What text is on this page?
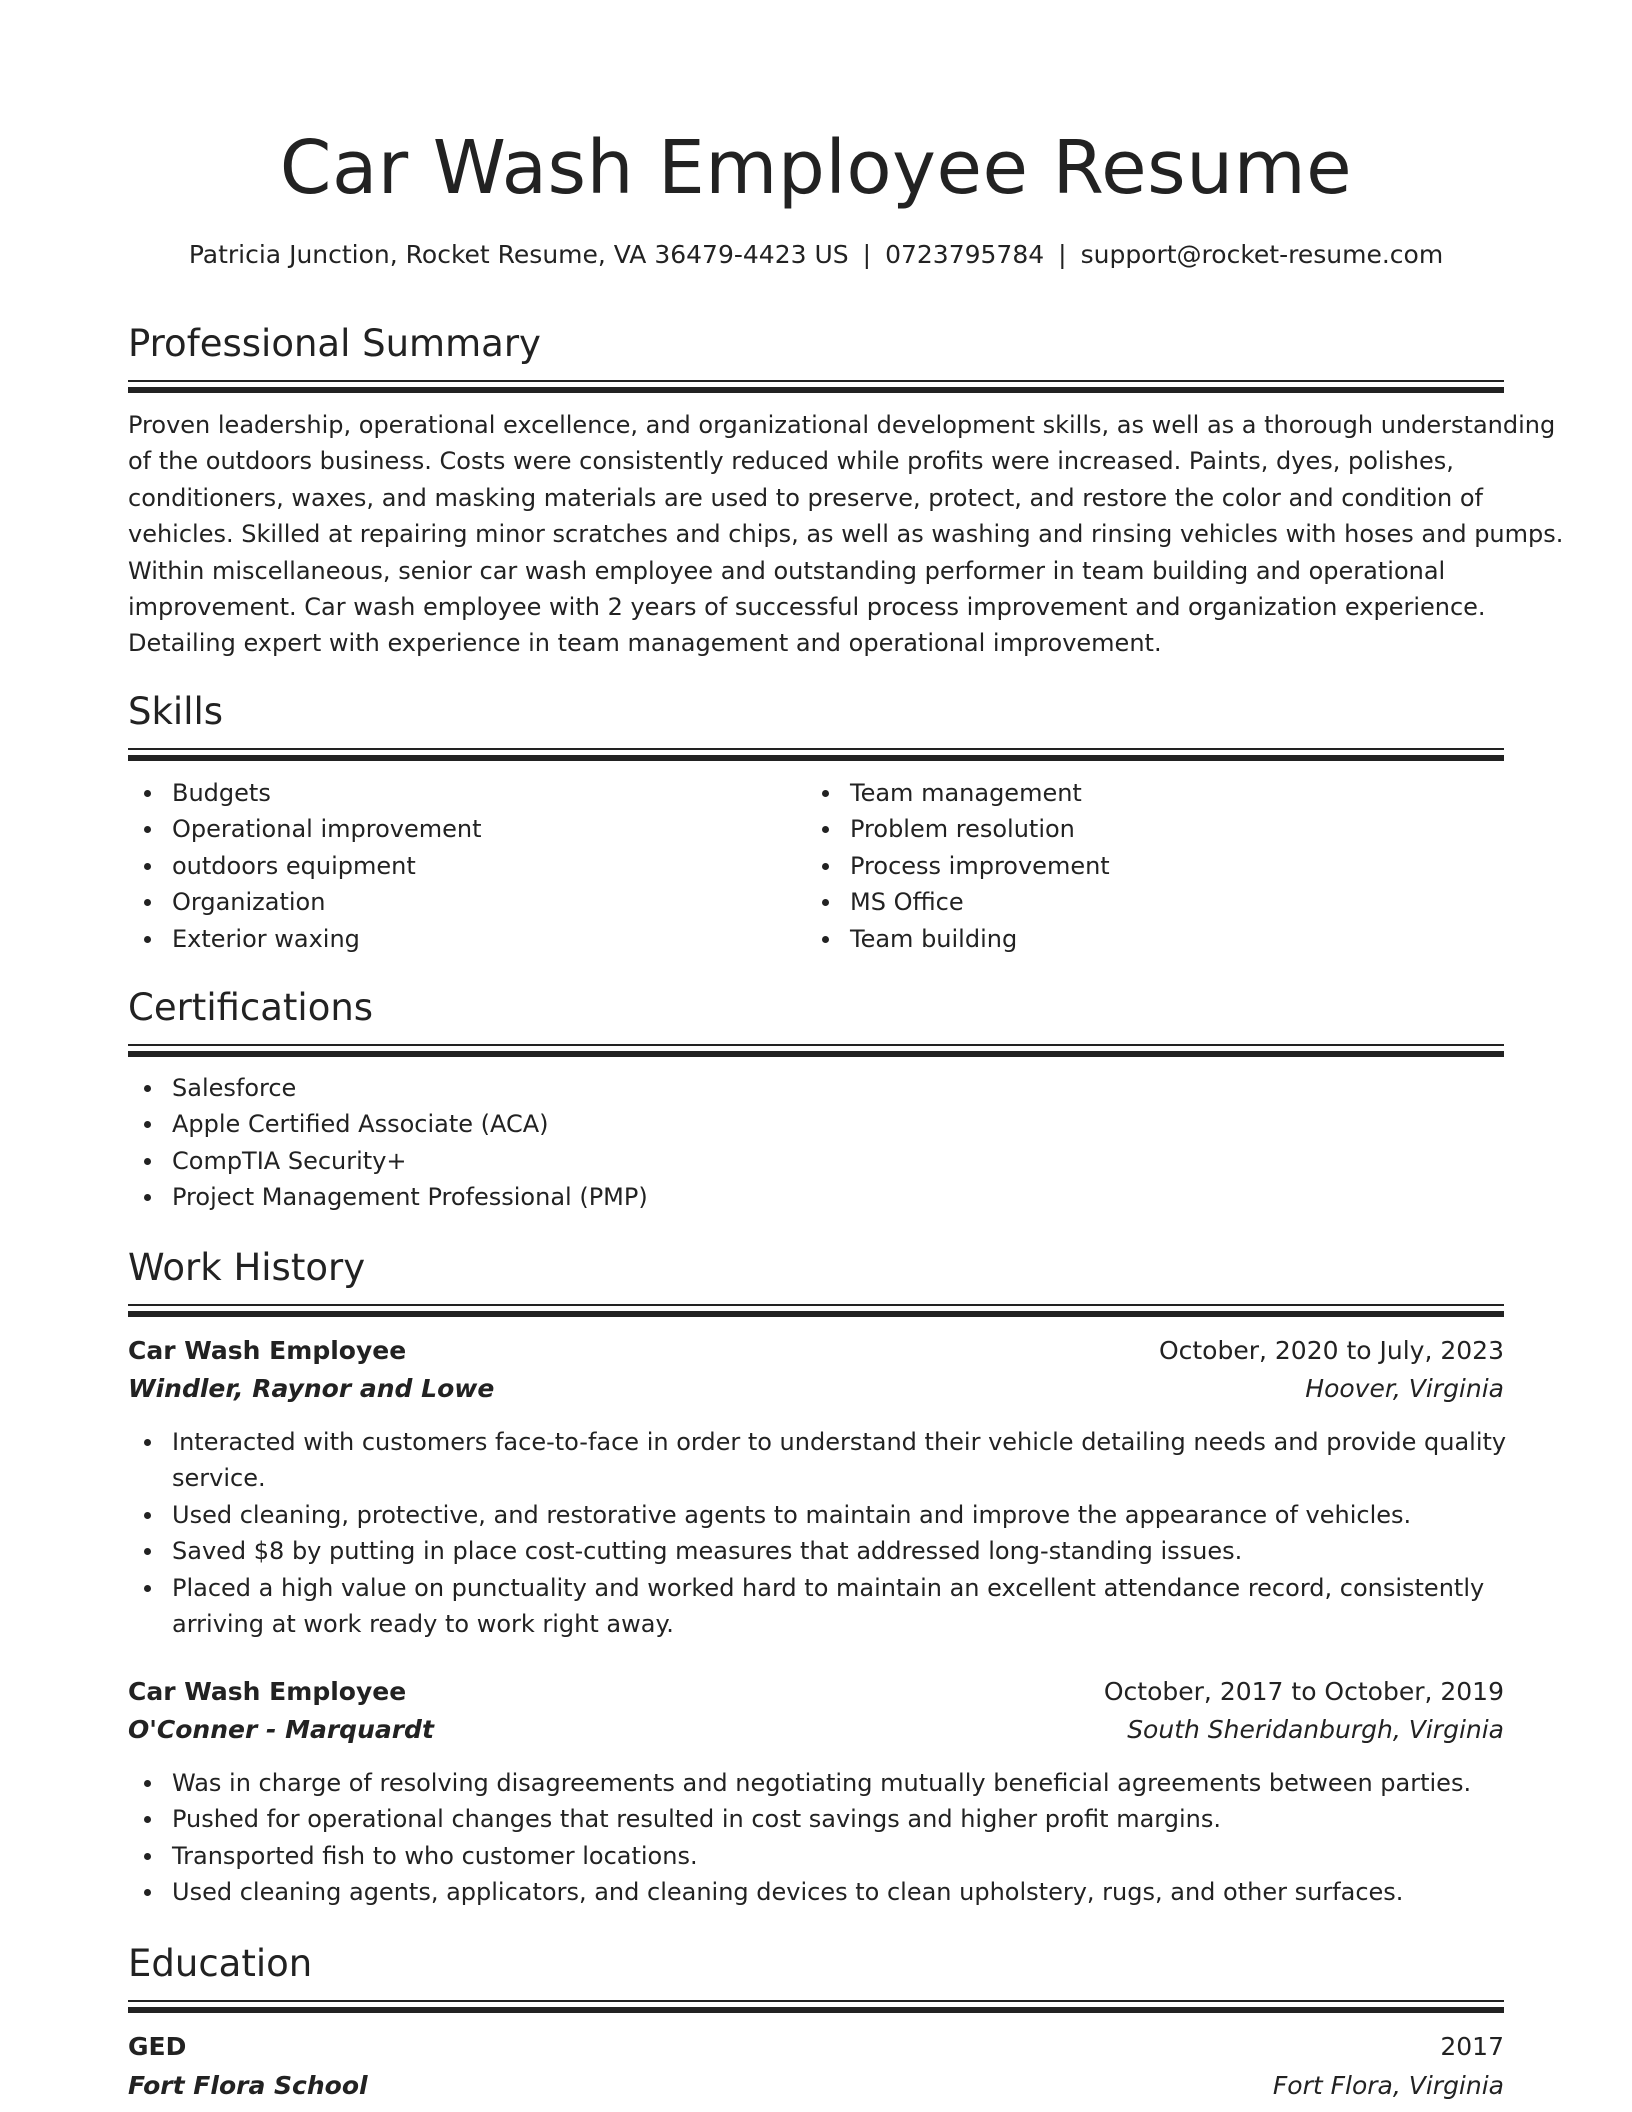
Car Wash Employee Resume
Patricia Junction, Rocket Resume, VA 36479-4423 US | 0723795784 | support@rocket-resume.com
Professional Summary

Proven leadership, operational excellence, and organizational development skills, as well as a thorough understanding

of the outdoors business. Costs were consistently reduced while profits were increased. Paints, dyes, polishes,

conditioners, waxes, and masking materials are used to preserve, protect, and restore the color and condition of

vehicles. Skilled at repairing minor scratches and chips, as well as washing and rinsing vehicles with hoses and pumps.

Within miscellaneous, senior car wash employee and outstanding performer in team building and operational

improvement. Car wash employee with 2 years of successful process improvement and organization experience.

Detailing expert with experience in team management and operational improvement.

Skills
Budgets
Operational improvement
outdoors equipment
Organization
Exterior waxing
Team management
Problem resolution
Process improvement
MS Office
Team building
Certifications
Salesforce
Apple Certified Associate (ACA)
CompTIA Security+
Project Management Professional (PMP)
Work History
Car Wash Employee	October, 2020 to July, 2023
Windler, Raynor and Lowe	Hoover, Virginia
Interacted with customers face-to-face in order to understand their vehicle detailing needs and provide quality
service.
Used cleaning, protective, and restorative agents to maintain and improve the appearance of vehicles.
Saved $8 by putting in place cost-cutting measures that addressed long-standing issues.
Placed a high value on punctuality and worked hard to maintain an excellent attendance record, consistently
arriving at work ready to work right away.
Car Wash Employee	October, 2017 to October, 2019
O'Conner - Marquardt	South Sheridanburgh, Virginia
Was in charge of resolving disagreements and negotiating mutually beneficial agreements between parties.
Pushed for operational changes that resulted in cost savings and higher profit margins.
Transported fish to who customer locations.
Used cleaning agents, applicators, and cleaning devices to clean upholstery, rugs, and other surfaces.
Education
GED	2017
Fort Flora School	Fort Flora, Virginia
